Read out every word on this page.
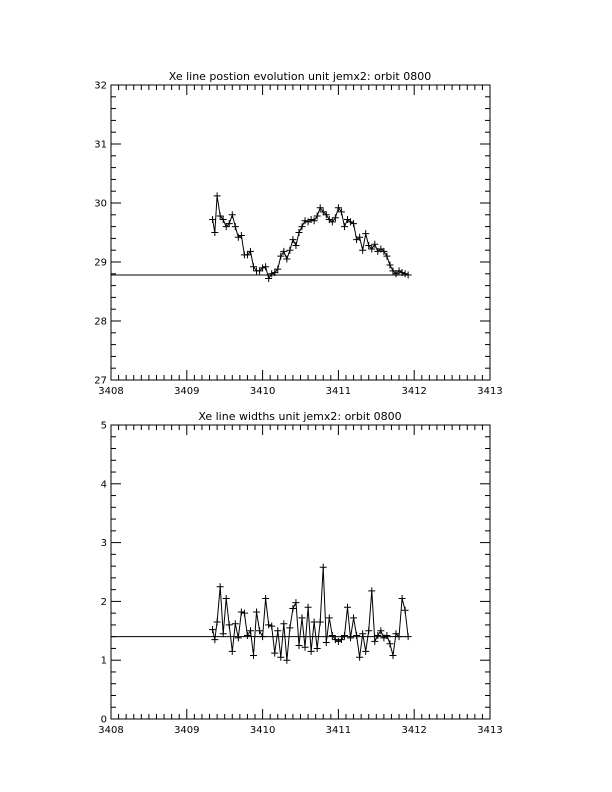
Xe line postion evolution unit jemx2: orbit 0800
3408	3409	3410	3411	3412	3413
27
28
29
30
31
32
Xe line widths unit jemx2: orbit 0800
3408	3409	3410	3411	3412	3413
0
1
2
3
4
5
